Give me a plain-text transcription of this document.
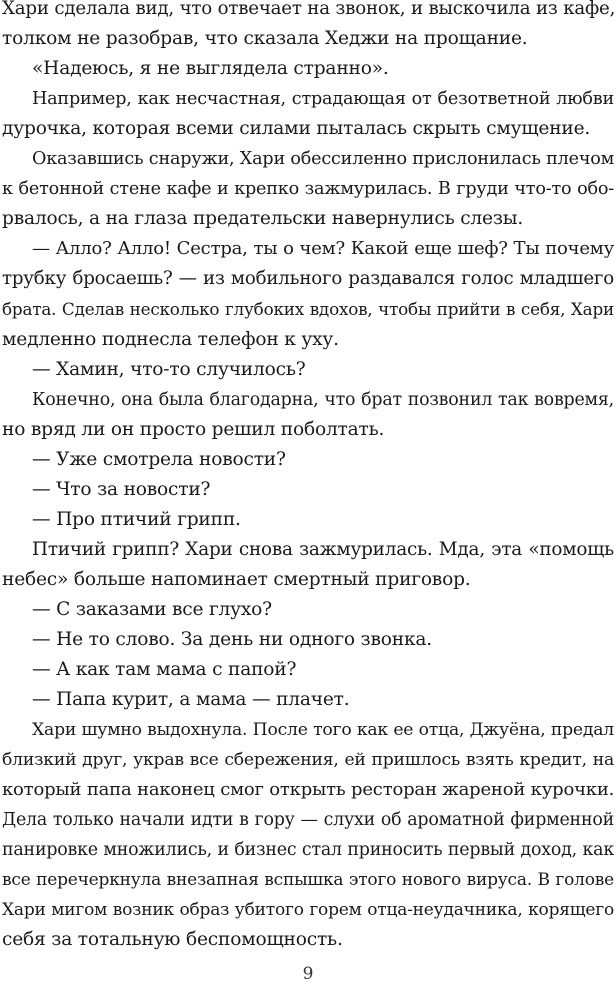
Хари сделала вид, что отвечает на звонок, и выскочила из кафе,
толком не разобрав, что сказала Хеджи на прощание.
«Надеюсь, я не выглядела странно».
Например, как несчастная, страдающая от безответной любви
дурочка, которая всеми силами пыталась скрыть смущение.
Оказавшись снаружи, Хари обессиленно прислонилась плечом
к бетонной стене кафе и крепко зажмурилась. В груди что-то обо-
рвалось, а на глаза предательски навернулись слезы.
— Алло? Алло! Сестра, ты о чем? Какой еще шеф? Ты почему
трубку бросаешь? — из мобильного раздавался голос младшего
брата. Сделав несколько глубоких вдохов, чтобы прийти в себя, Хари
медленно поднесла телефон к уху.
— Хамин, что-то случилось?
Конечно, она была благодарна, что брат позвонил так вовремя,
но вряд ли он просто решил поболтать.
— Уже смотрела новости?
— Что за новости?
— Про птичий грипп.
Птичий грипп? Хари снова зажмурилась. Мда, эта «помощь
небес» больше напоминает смертный приговор.
— С заказами все глухо?
— Не то слово. За день ни одного звонка.
— А как там мама с папой?
— Папа курит, а мама — плачет.
Хари шумно выдохнула. После того как ее отца, Джуёна, предал
близкий друг, украв все сбережения, ей пришлось взять кредит, на
который папа наконец смог открыть ресторан жареной курочки.
Дела только начали идти в гору — слухи об ароматной фирменной
панировке множились, и бизнес стал приносить первый доход, как
все перечеркнула внезапная вспышка этого нового вируса. В голове
Хари мигом возник образ убитого горем отца-неудачника, корящего
себя за тотальную беспомощность.
9
